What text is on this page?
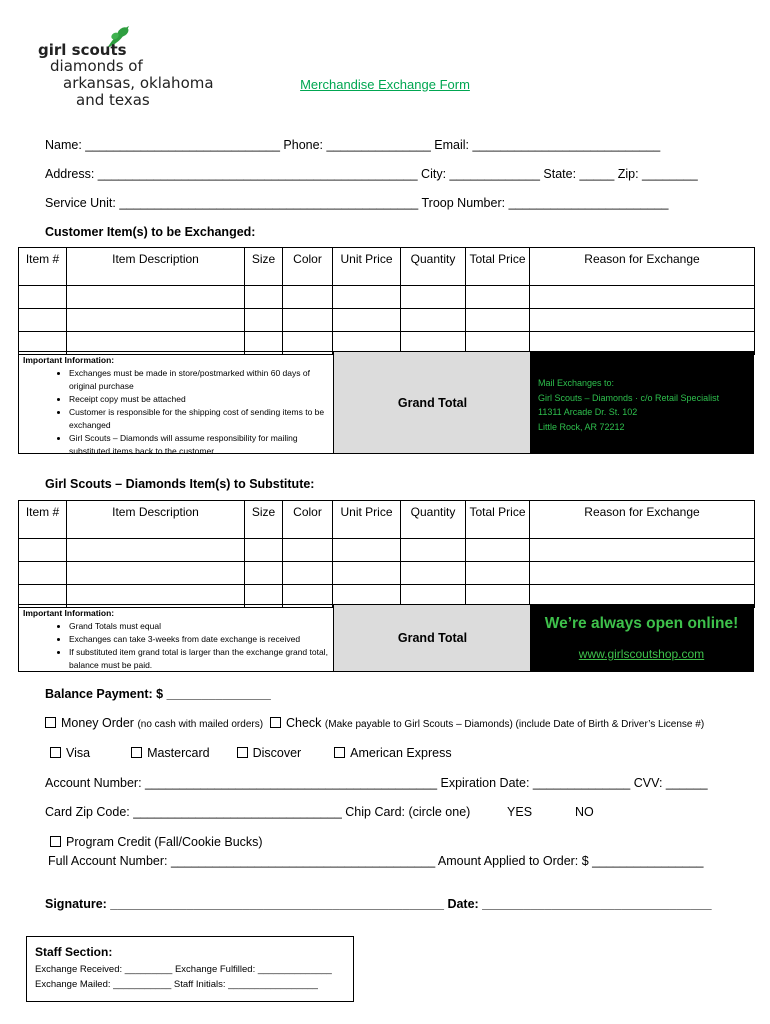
girl scouts
diamonds of
arkansas, oklahoma
and texas
Merchandise Exchange Form
Name: ____________________________ Phone: _______________ Email: ___________________________
Address: ______________________________________________ City: _____________ State: _____ Zip: ________
Service Unit: ___________________________________________ Troop Number: _______________________
Customer Item(s) to be Exchanged:
Item #	Item Description	Size	Color	Unit Price	Quantity	Total Price	Reason for Exchange

Important Information:
• Exchanges must be made in store/postmarked within 60 days of original purchase
• Receipt copy must be attached
• Customer is responsible for the shipping cost of sending items to be exchanged
• Girl Scouts – Diamonds will assume responsibility for mailing substituted items back to the customer
Grand Total
Mail Exchanges to:
Girl Scouts – Diamonds · c/o Retail Specialist
11311 Arcade Dr. St. 102
Little Rock, AR 72212
Girl Scouts – Diamonds Item(s) to Substitute:
Item #	Item Description	Size	Color	Unit Price	Quantity	Total Price	Reason for Exchange

Important Information:
• Grand Totals must equal
• Exchanges can take 3-weeks from date exchange is received
• If substituted item grand total is larger than the exchange grand total, balance must be paid.
Grand Total
We’re always open online!
www.girlscoutshop.com
Balance Payment: $ _______________
Money Order (no cash with mailed orders) Check (Make payable to Girl Scouts – Diamonds) (include Date of Birth & Driver’s License #)
Visa	Mastercard	Discover	American Express
Account Number: __________________________________________ Expiration Date: ______________ CVV: ______
Card Zip Code: ______________________________ Chip Card: (circle one)	YES	NO
Program Credit (Fall/Cookie Bucks)
Full Account Number: ______________________________________ Amount Applied to Order: $ ________________
Signature: ________________________________________________ Date: _________________________________
Staff Section:
Exchange Received: _________ Exchange Fulfilled: ______________
Exchange Mailed: ___________ Staff Initials: _________________
